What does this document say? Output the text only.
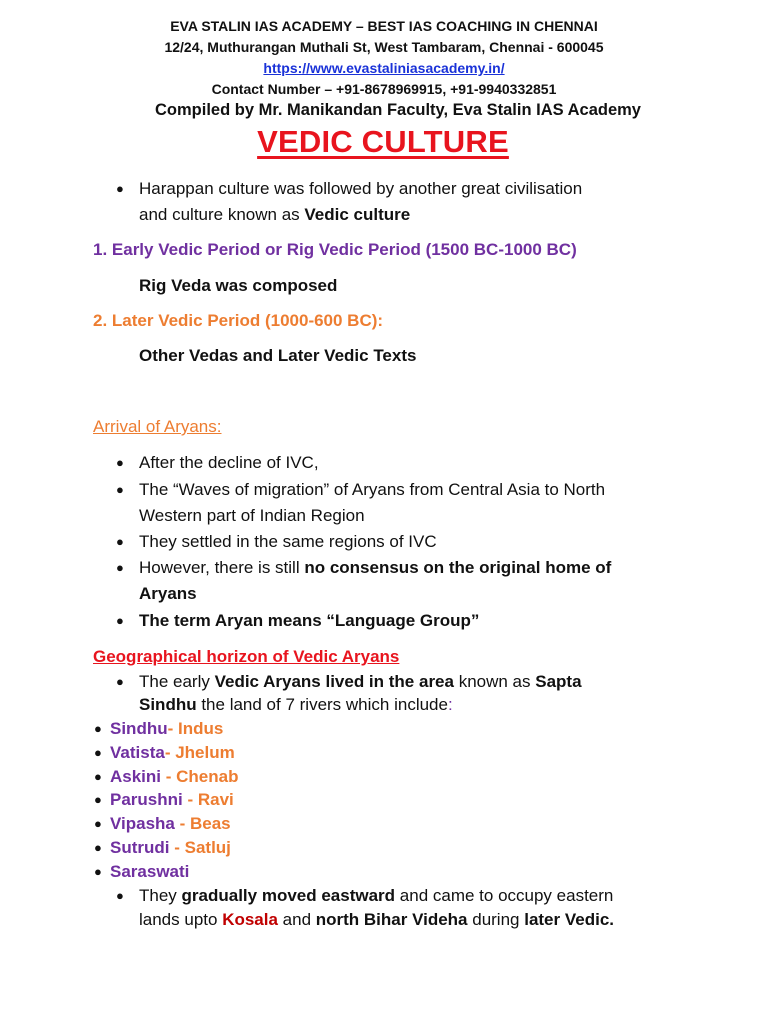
EVA STALIN IAS ACADEMY – BEST IAS COACHING IN CHENNAI
12/24, Muthurangan Muthali St, West Tambaram, Chennai - 600045
https://www.evastaliniasacademy.in/
Contact Number – +91-8678969915, +91-9940332851
Compiled by Mr. Manikandan Faculty, Eva Stalin IAS Academy
VEDIC CULTURE
● Harappan culture was followed by another great civilisation
and culture known as Vedic culture
1. Early Vedic Period or Rig Vedic Period (1500 BC-1000 BC)
Rig Veda was composed
2. Later Vedic Period (1000-600 BC):
Other Vedas and Later Vedic Texts
Arrival of Aryans:
● After the decline of IVC,
● The “Waves of migration” of Aryans from Central Asia to North
Western part of Indian Region
● They settled in the same regions of IVC
● However, there is still no consensus on the original home of
Aryans
● The term Aryan means “Language Group”
Geographical horizon of Vedic Aryans
● The early Vedic Aryans lived in the area known as Sapta
Sindhu the land of 7 rivers which include:
● Sindhu- Indus
● Vatista- Jhelum
● Askini - Chenab
● Parushni - Ravi
● Vipasha - Beas
● Sutrudi - Satluj
● Saraswati
● They gradually moved eastward and came to occupy eastern
lands upto Kosala and north Bihar Videha during later Vedic.
